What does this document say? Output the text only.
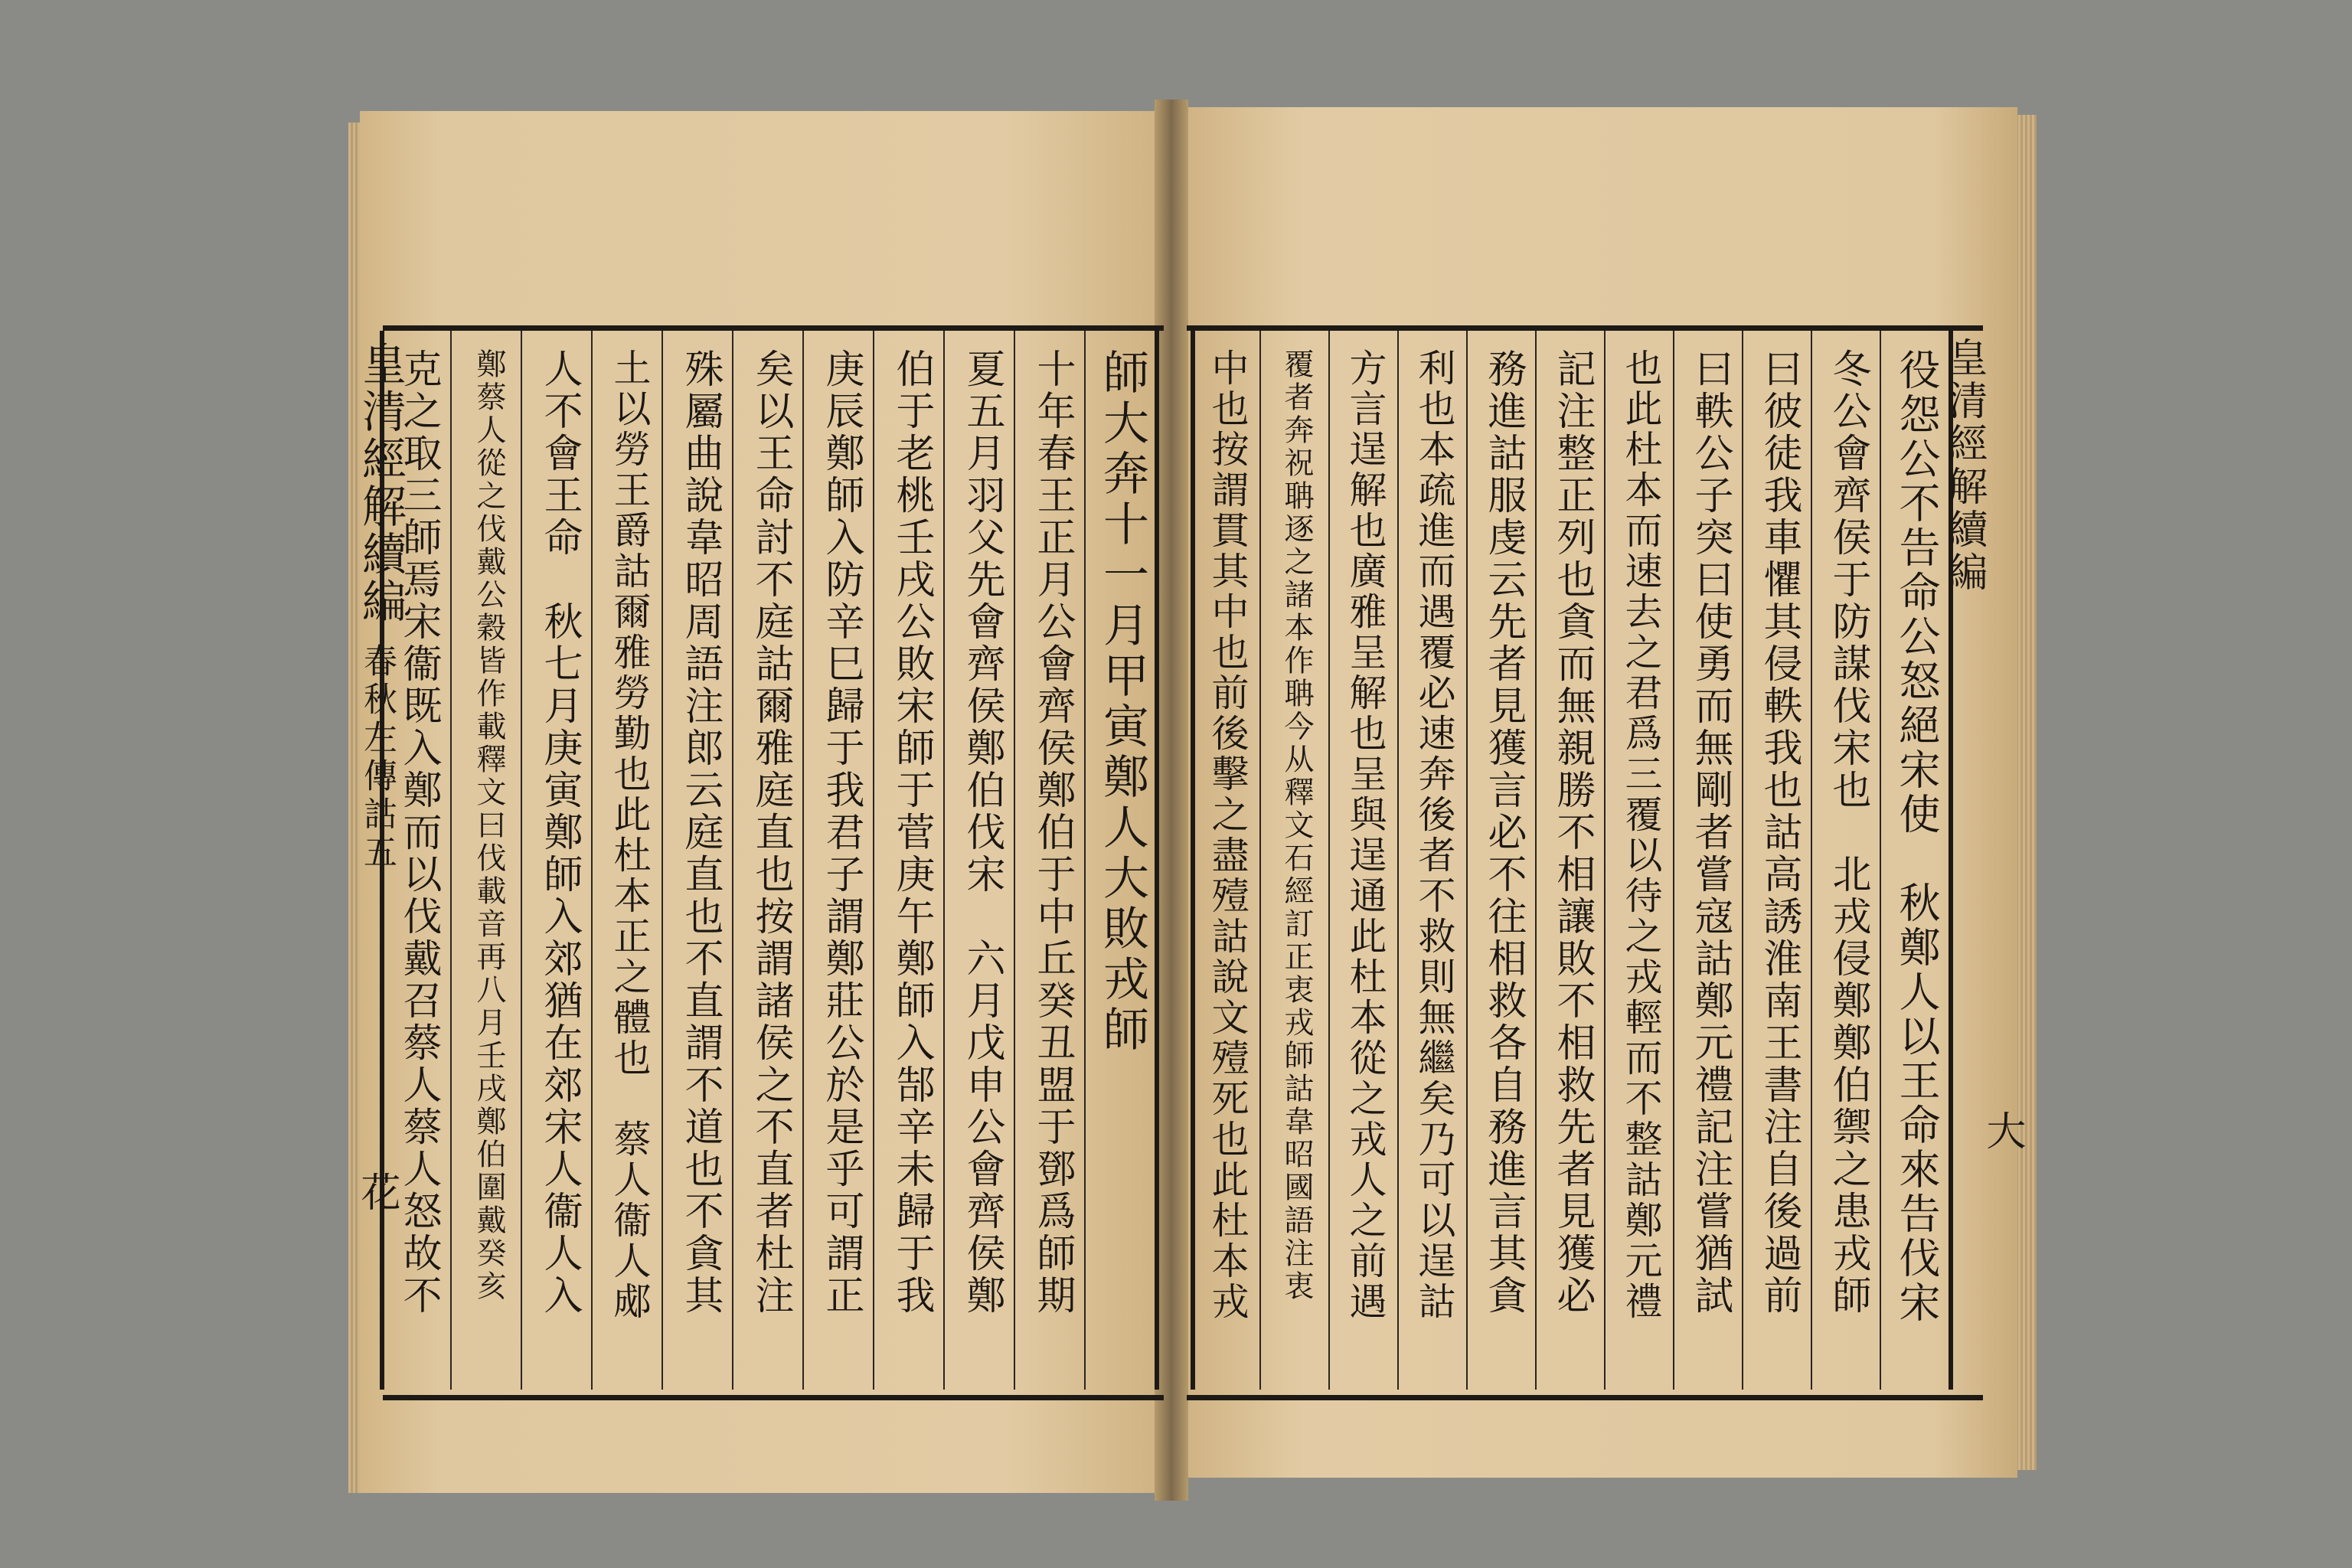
師大奔十一月甲寅鄭人大敗戎師
十年春王正月公會齊侯鄭伯于中丘癸丑盟于鄧爲師期
夏五月羽父先會齊侯鄭伯伐宋　六月戊申公會齊侯鄭
伯于老桃壬戌公敗宋師于菅庚午鄭師入郜辛未歸于我
庚辰鄭師入防辛巳歸于我君子謂鄭莊公於是乎可謂正
矣以王命討不庭詁爾雅庭直也按謂諸侯之不直者杜注
殊屬曲說韋昭周語注郎云庭直也不直謂不道也不貪其
土以勞王爵詁爾雅勞勤也此杜本正之體也　蔡人衞人郕
人不會王命　秋七月庚寅鄭師入郊猶在郊宋人衞人入
鄭蔡人從之伐戴公穀皆作載釋文曰伐載音再八月壬戌鄭伯圍戴癸亥
克之取三師焉宋衞既入鄭而以伐戴召蔡人蔡人怒故不	役怨公不告命公怒絕宋使　秋鄭人以王命來告伐宋
冬公會齊侯于防謀伐宋也　北戎侵鄭鄭伯禦之患戎師
曰彼徒我車懼其侵軼我也詁高誘淮南王書注自後過前
曰軼公子突曰使勇而無剛者嘗寇詁鄭元禮記注嘗猶試
也此杜本而速去之君爲三覆以待之戎輕而不整詁鄭元禮
記注整正列也貪而無親勝不相讓敗不相救先者見獲必
務進詁服虔云先者見獲言必不往相救各自務進言其貪
利也本疏進而遇覆必速奔後者不救則無繼矣乃可以逞詁
方言逞解也廣雅呈解也呈與逞通此杜本從之戎人之前遇
覆者奔祝聃逐之諸本作聃今从釋文石經訂正衷戎師詁韋昭國語注衷
中也按謂貫其中也前後擊之盡殪詁說文殪死也此杜本戎
皇清經解續編
春秋左傳詁五
花
皇清經解續編
大
